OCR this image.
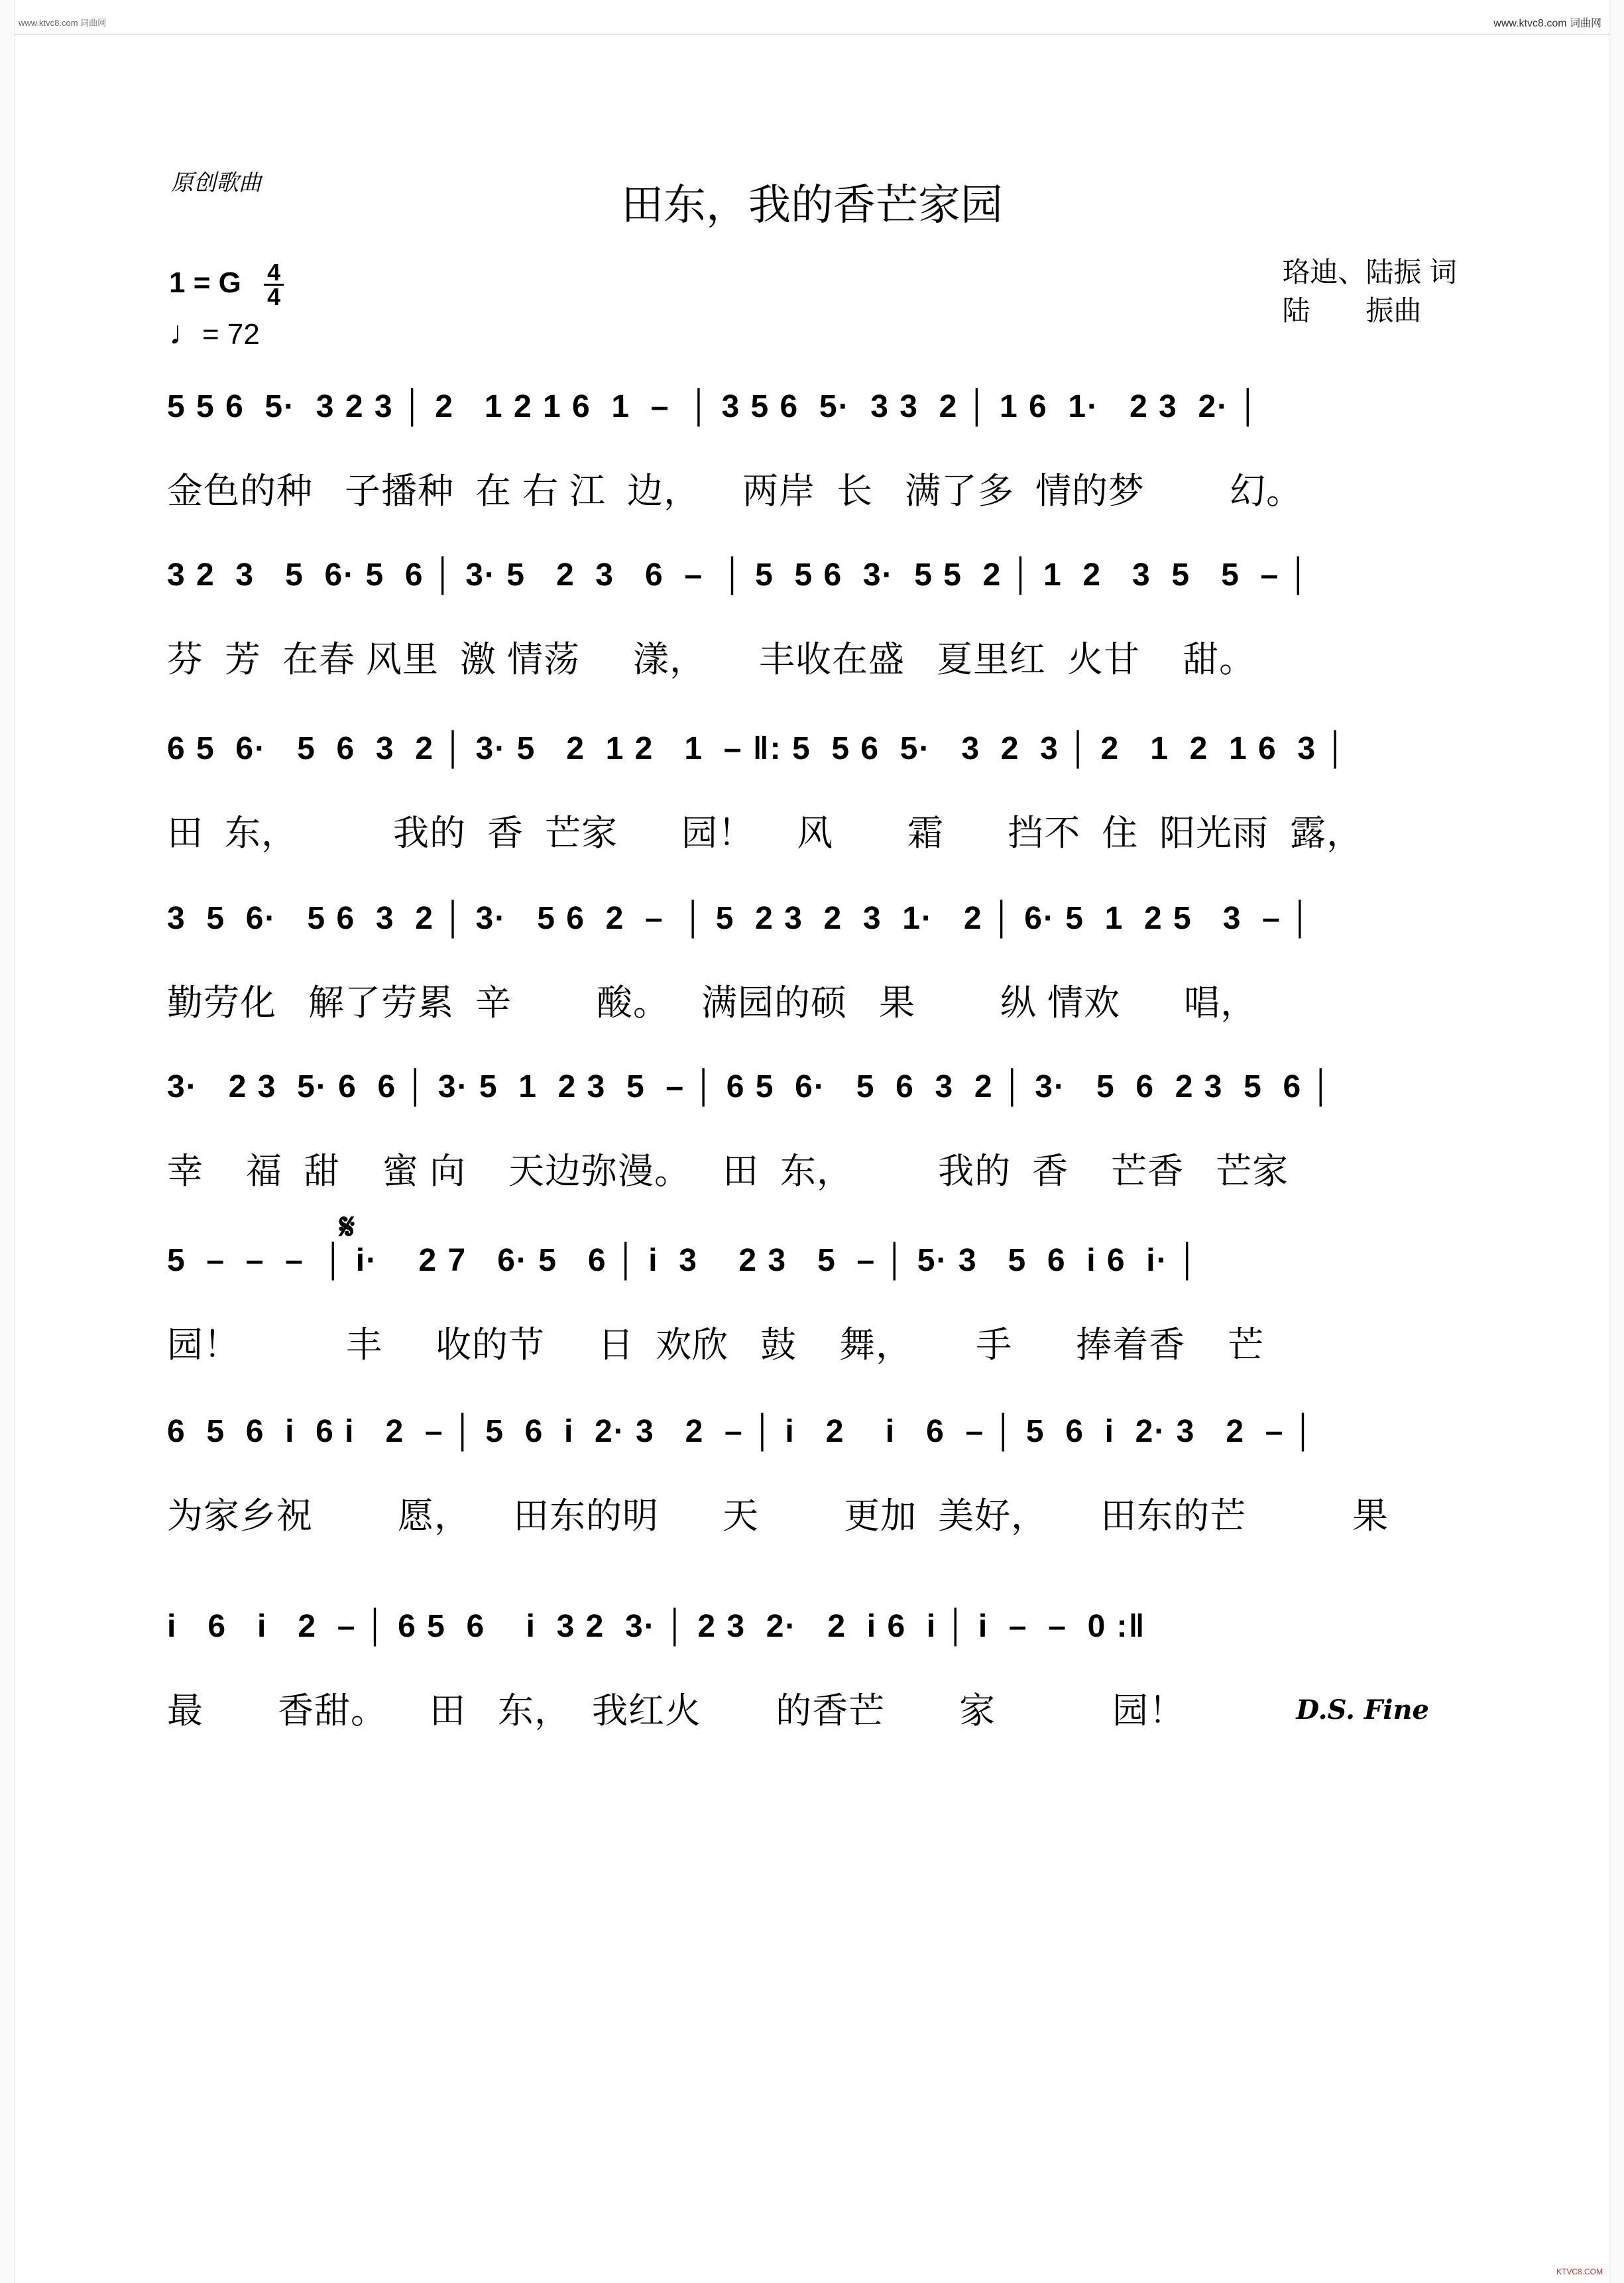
www.ktvc8.com 词曲网	www.ktvc8.com 词曲网
KTVC8.COM
原创歌曲	田东，我的香芒家园
珞迪、陆振 词
陆　　振曲
1 = G $\frac{4}{4}$
♩= 72
5 5 6  5·  3 2 3 │ 2   1 2 1 6  1  –  │ 3 5 6  5·  3 3  2 │ 1 6  1·   2 3  2· │
金色的种   子播种  在 右 江  边，    两岸  长   满了多  情的梦        幻。
3 2  3   5  6· 5  6 │ 3· 5   2  3   6  –  │ 5  5 6  3·  5 5  2 │ 1  2   3  5   5  – │
芬  芳  在春 风里  激 情荡     漾，     丰收在盛   夏里红  火甘    甜。
6 5  6·   5  6  3  2 │ 3· 5   2  1 2   1  – ‖: 5  5 6  5·   3  2  3 │ 2   1  2  1 6  3 │
田  东，         我的  香  芒家      园！    风       霜      挡不  住  阳光雨  露，
3  5  6·   5 6  3  2 │ 3·   5 6  2  –  │ 5  2 3  2  3  1·   2 │ 6· 5  1  2 5   3  – │
勤劳化   解了劳累  辛        酸。   满园的硕   果        纵 情欢      唱，
3·   2 3  5· 6  6 │ 3· 5  1  2 3  5  – │ 6 5  6·   5  6  3  2 │ 3·   5  6  2 3  5  6 │
幸    福  甜    蜜 向    天边弥漫。   田  东，        我的  香    芒香   芒家
𝄋
5  –  –  –  │ i·    2 7   6· 5   6 │ i  3    2 3   5  – │ 5· 3   5  6  i 6  i· │
园！          丰     收的节     日  欢欣   鼓    舞，      手      捧着香    芒
6  5  6  i  6 i   2  – │ 5  6  i  2· 3   2  – │ i   2    i   6  – │ 5  6  i  2· 3   2  – │
为家乡祝        愿，    田东的明      天        更加  美好，     田东的芒          果
i   6   i   2  – │ 6 5  6    i  3 2  3· │ 2 3  2·   2  i 6  i │ i  –  –  0 :‖
最       香甜。    田   东，  我红火       的香芒       家           园！	D.S. Fine
